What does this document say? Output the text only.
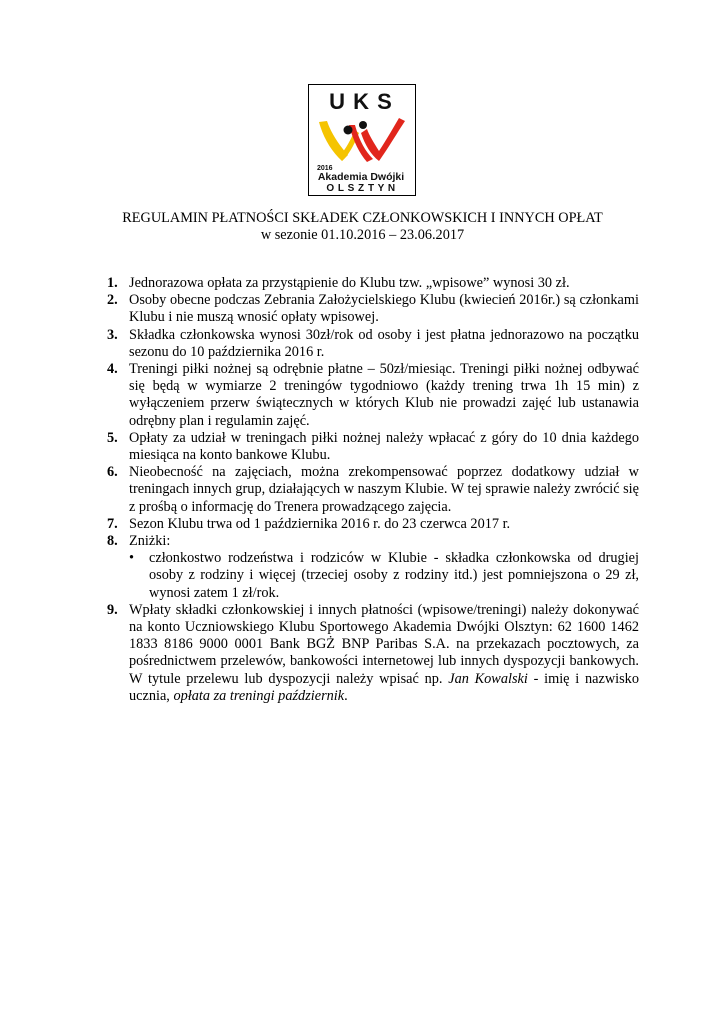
U K S
2016
Akademia Dwójki
O L S Z T Y N
REGULAMIN PŁATNOŚCI SKŁADEK CZŁONKOWSKICH I INNYCH OPŁAT
w sezonie 01.10.2016 – 23.06.2017
1. Jednorazowa opłata za przystąpienie do Klubu tzw. „wpisowe” wynosi 30 zł.
2. Osoby obecne podczas Zebrania Założycielskiego Klubu (kwiecień 2016r.) są członkami Klubu i nie muszą wnosić opłaty wpisowej.
3. Składka członkowska wynosi 30zł/rok od osoby i jest płatna jednorazowo na początku sezonu do 10 października 2016 r.
4. Treningi piłki nożnej są odrębnie płatne – 50zł/miesiąc. Treningi piłki nożnej odbywać się będą w wymiarze 2 treningów tygodniowo (każdy trening trwa 1h 15 min) z wyłączeniem przerw świątecznych w których Klub nie prowadzi zajęć lub ustanawia odrębny plan i regulamin zajęć.
5. Opłaty za udział w treningach piłki nożnej należy wpłacać z góry do 10 dnia każdego miesiąca na konto bankowe Klubu.
6. Nieobecność na zajęciach, można zrekompensować poprzez dodatkowy udział w treningach innych grup, działających w naszym Klubie. W tej sprawie należy zwrócić się z prośbą o informację do Trenera prowadzącego zajęcia.
7. Sezon Klubu trwa od 1 października 2016 r. do 23 czerwca 2017 r.
8. Zniżki:
• członkostwo rodzeństwa i rodziców w Klubie - składka członkowska od drugiej osoby z rodziny i więcej (trzeciej osoby z rodziny itd.) jest pomniejszona o 29 zł, wynosi zatem 1 zł/rok.
9. Wpłaty składki członkowskiej i innych płatności (wpisowe/treningi) należy dokonywać na konto Uczniowskiego Klubu Sportowego Akademia Dwójki Olsztyn: 62 1600 1462 1833 8186 9000 0001 Bank BGŻ BNP Paribas S.A. na przekazach pocztowych, za pośrednictwem przelewów, bankowości internetowej lub innych dyspozycji bankowych. W tytule przelewu lub dyspozycji należy wpisać np. Jan Kowalski - imię i nazwisko ucznia, opłata za treningi październik.
